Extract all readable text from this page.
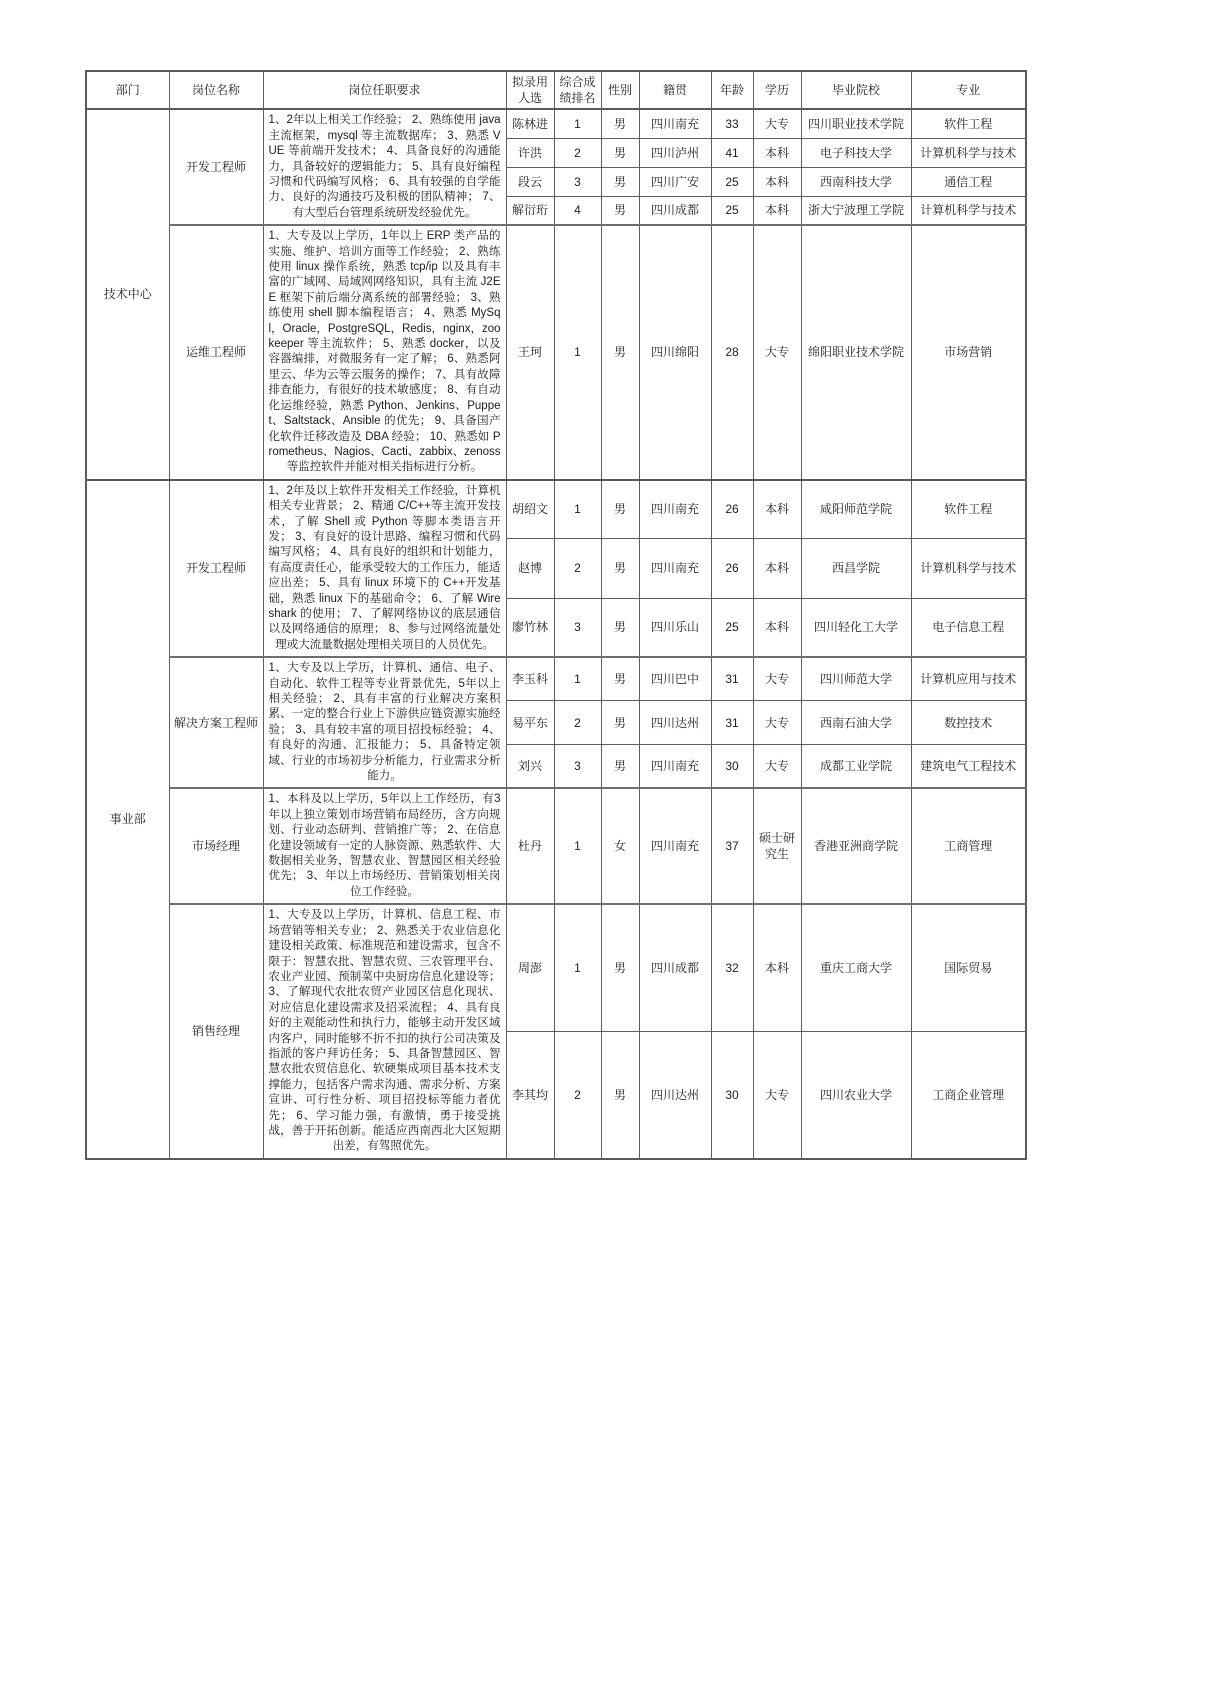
部门	岗位名称	岗位任职要求	拟录用人选	综合成绩排名	性别	籍贯	年龄	学历	毕业院校	专业
技术中心	开发工程师	1、2年以上相关工作经验； 2、熟练使用 java 主流框架，mysql 等主流数据库； 3、熟悉 VUE 等前端开发技术； 4、具备良好的沟通能力，具备较好的逻辑能力； 5、具有良好编程习惯和代码编写风格； 6、具有较强的自学能力、良好的沟通技巧及积极的团队精神； 7、有大型后台管理系统研发经验优先。	陈林进	1	男	四川南充	33	大专	四川职业技术学院	软件工程
			许洪	2	男	四川泸州	41	本科	电子科技大学	计算机科学与技术
			段云	3	男	四川广安	25	本科	西南科技大学	通信工程
			解衍珩	4	男	四川成都	25	本科	浙大宁波理工学院	计算机科学与技术
	运维工程师	1、大专及以上学历，1年以上 ERP 类产品的实施、维护、培训方面等工作经验； 2、熟练使用 linux 操作系统，熟悉 tcp/ip 以及具有丰富的广域网、局域网网络知识，具有主流 J2EE 框架下前后端分离系统的部署经验； 3、熟练使用 shell 脚本编程语言； 4、熟悉 MySql，Oracle，PostgreSQL，Redis，nginx，zookeeper 等主流软件； 5、熟悉 docker，以及容器编排，对微服务有一定了解； 6、熟悉阿里云、华为云等云服务的操作； 7、具有故障排查能力，有很好的技术敏感度； 8、有自动化运维经验，熟悉 Python、Jenkins、Puppet、Saltstack、Ansible 的优先； 9、具备国产化软件迁移改造及 DBA 经验； 10、熟悉如 Prometheus、Nagios、Cacti、zabbix、zenoss 等监控软件并能对相关指标进行分析。	王珂	1	男	四川绵阳	28	大专	绵阳职业技术学院	市场营销
事业部	开发工程师	1、2年及以上软件开发相关工作经验，计算机相关专业背景； 2、精通 C/C++等主流开发技术，了解 Shell 或 Python 等脚本类语言开发； 3、有良好的设计思路、编程习惯和代码编写风格； 4、具有良好的组织和计划能力，有高度责任心，能承受较大的工作压力，能适应出差； 5、具有 linux 环境下的 C++开发基础，熟悉 linux 下的基础命令； 6、了解 Wireshark 的使用； 7、了解网络协议的底层通信以及网络通信的原理； 8、参与过网络流量处理或大流量数据处理相关项目的人员优先。	胡绍文	1	男	四川南充	26	本科	咸阳师范学院	软件工程
			赵博	2	男	四川南充	26	本科	西昌学院	计算机科学与技术
			廖竹林	3	男	四川乐山	25	本科	四川轻化工大学	电子信息工程
	解决方案工程师	1、大专及以上学历，计算机、通信、电子、自动化、软件工程等专业背景优先，5年以上相关经验； 2、具有丰富的行业解决方案积累、一定的整合行业上下游供应链资源实施经验； 3、具有较丰富的项目招投标经验； 4、有良好的沟通、汇报能力； 5、具备特定领域、行业的市场初步分析能力，行业需求分析能力。	李玉科	1	男	四川巴中	31	大专	四川师范大学	计算机应用与技术
			易平东	2	男	四川达州	31	大专	西南石油大学	数控技术
			刘兴	3	男	四川南充	30	大专	成都工业学院	建筑电气工程技术
	市场经理	1、本科及以上学历，5年以上工作经历，有3年以上独立策划市场营销布局经历，含方向规划、行业动态研判、营销推广等； 2、在信息化建设领域有一定的人脉资源、熟悉软件、大数据相关业务，智慧农业、智慧园区相关经验优先； 3、年以上市场经历、营销策划相关岗位工作经验。	杜丹	1	女	四川南充	37	硕士研究生	香港亚洲商学院	工商管理
	销售经理	1、大专及以上学历，计算机、信息工程、市场营销等相关专业； 2、熟悉关于农业信息化建设相关政策、标准规范和建设需求，包含不限于：智慧农批、智慧农贸、三农管理平台、农业产业园、预制菜中央厨房信息化建设等； 3、了解现代农批农贸产业园区信息化现状、对应信息化建设需求及招采流程； 4、具有良好的主观能动性和执行力，能够主动开发区域内客户，同时能够不折不扣的执行公司决策及指派的客户拜访任务； 5、具备智慧园区、智慧农批农贸信息化、软硬集成项目基本技术支撑能力，包括客户需求沟通、需求分析、方案宣讲、可行性分析、项目招投标等能力者优先； 6、学习能力强，有激情，勇于接受挑战，善于开拓创新。能适应西南西北大区短期出差，有驾照优先。	周澎	1	男	四川成都	32	本科	重庆工商大学	国际贸易
			李其均	2	男	四川达州	30	大专	四川农业大学	工商企业管理
